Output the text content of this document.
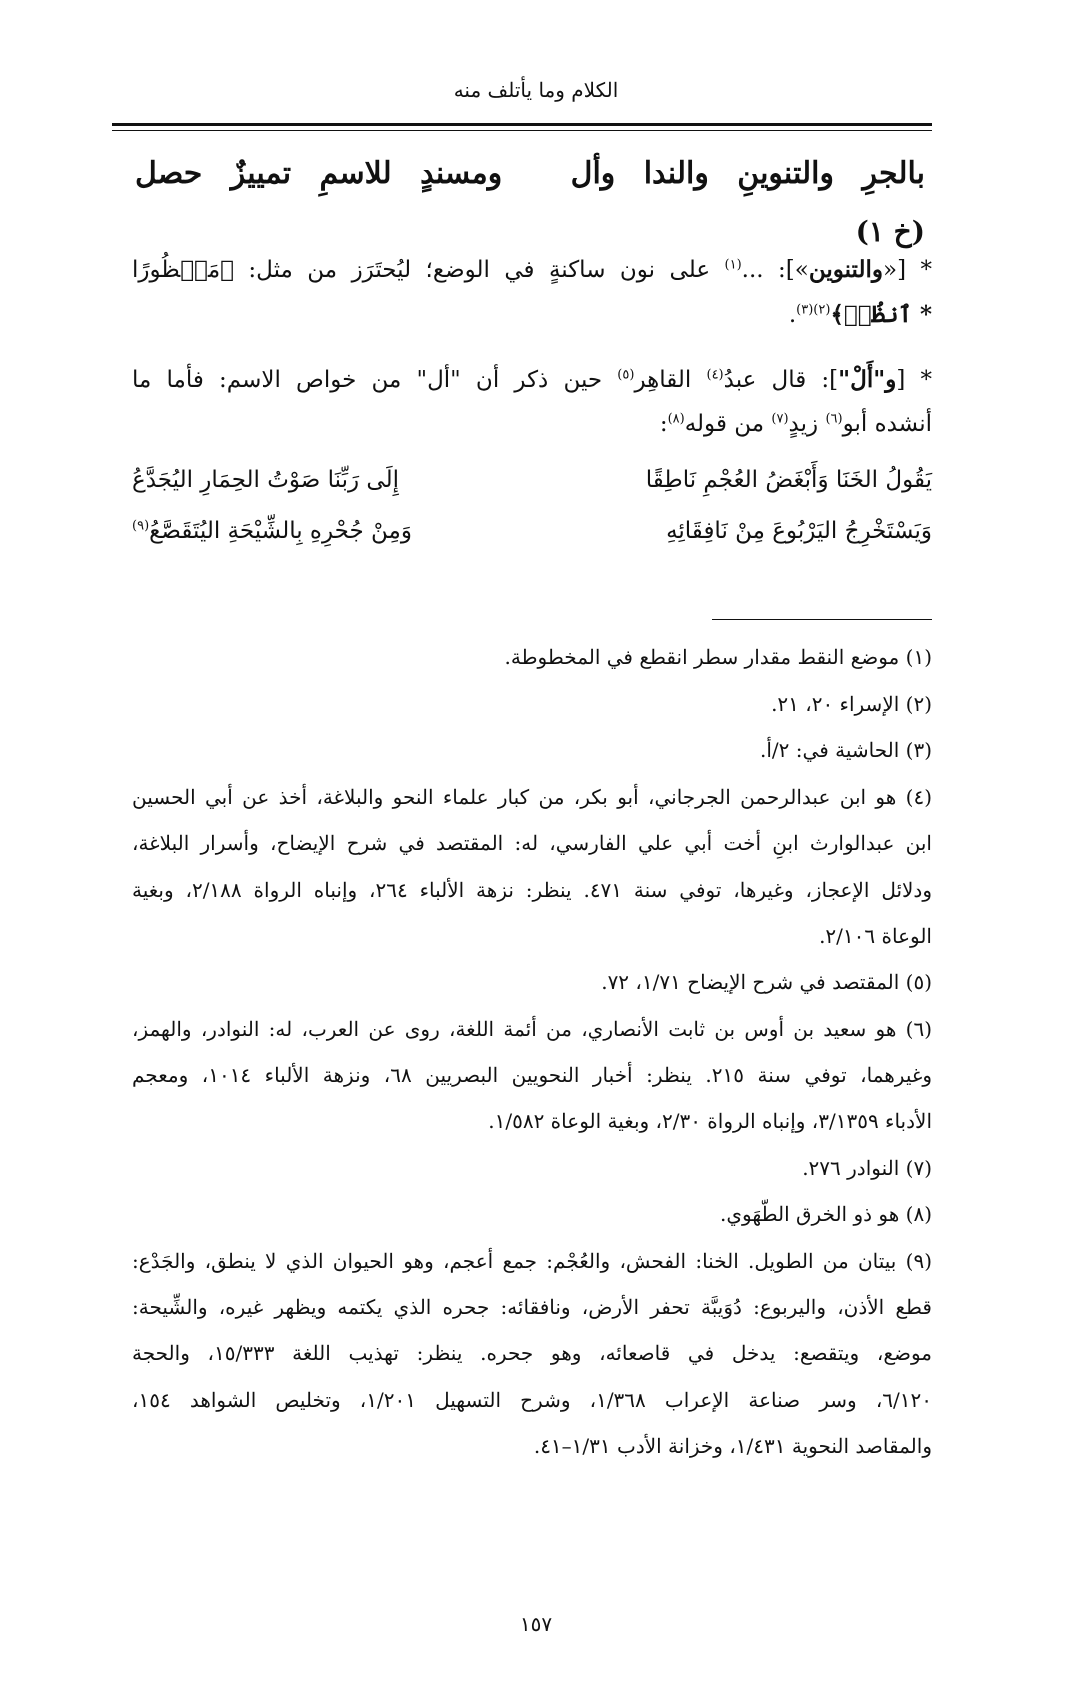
الكلام وما يأتلف منه
بالجرِ والتنوينِ والندا وأل
ومسندٍ للاسمِ تمييزٌ حصل
(خ ١)
* [«والتنوين»]: ...$^{(١)}$ على نون ساكنةٍ في الوضع؛ ليُحتَرَز من مثل: ﴿مَحۡظُورًا
* ٱنظُرۡ﴾$^{(٢)(٣)}$.
* [و"أَلْ"]: قال عبدُ$^{(٤)}$ القاهِر$^{(٥)}$ حين ذكر أن "أل" من خواص الاسم: فأما ما
أنشده أبو$^{(٦)}$ زيدٍ$^{(٧)}$ من قوله$^{(٨)}$:
يَقُولُ الخَنَا وَأَبْغَضُ العُجْمِ نَاطِقًا
إِلَى رَبِّنَا صَوْتُ الحِمَارِ اليُجَدَّعُ
وَيَسْتَخْرِجُ اليَرْبُوعَ مِنْ نَافِقَائِهِ
وَمِنْ جُحْرِهِ بِالشِّيْحَةِ اليُتَقَصَّعُ$^{(٩)}$
(١) موضع النقط مقدار سطر انقطع في المخطوطة.
(٢) الإسراء ٢٠، ٢١.
(٣) الحاشية في: ٢/أ.
(٤) هو ابن عبدالرحمن الجرجاني، أبو بكر، من كبار علماء النحو والبلاغة، أخذ عن أبي الحسين
ابن عبدالوارث ابنِ أخت أبي علي الفارسي، له: المقتصد في شرح الإيضاح، وأسرار البلاغة،
ودلائل الإعجاز، وغيرها، توفي سنة ٤٧١. ينظر: نزهة الألباء ٢٦٤، وإنباه الرواة ٢/١٨٨، وبغية
الوعاة ٢/١٠٦.
(٥) المقتصد في شرح الإيضاح ١/٧١، ٧٢.
(٦) هو سعيد بن أوس بن ثابت الأنصاري، من أئمة اللغة، روى عن العرب، له: النوادر، والهمز،
وغيرهما، توفي سنة ٢١٥. ينظر: أخبار النحويين البصريين ٦٨، ونزهة الألباء ١٠١٤، ومعجم
الأدباء ٣/١٣٥٩، وإنباه الرواة ٢/٣٠، وبغية الوعاة ١/٥٨٢.
(٧) النوادر ٢٧٦.
(٨) هو ذو الخرق الطّهَوي.
(٩) بيتان من الطويل. الخنا: الفحش، والعُجْم: جمع أعجم، وهو الحيوان الذي لا ينطق، والجَدْع:
قطع الأذن، واليربوع: دُوَيبَّة تحفر الأرض، ونافقائه: جحره الذي يكتمه ويظهر غيره، والشِّيحة:
موضع، ويتقصع: يدخل في قاصعائه، وهو جحره. ينظر: تهذيب اللغة ١٥/٣٣٣، والحجة
٦/١٢٠، وسر صناعة الإعراب ١/٣٦٨، وشرح التسهيل ١/٢٠١، وتخليص الشواهد ١٥٤،
والمقاصد النحوية ١/٤٣١، وخزانة الأدب ١/٣١–٤١.
١٥٧
